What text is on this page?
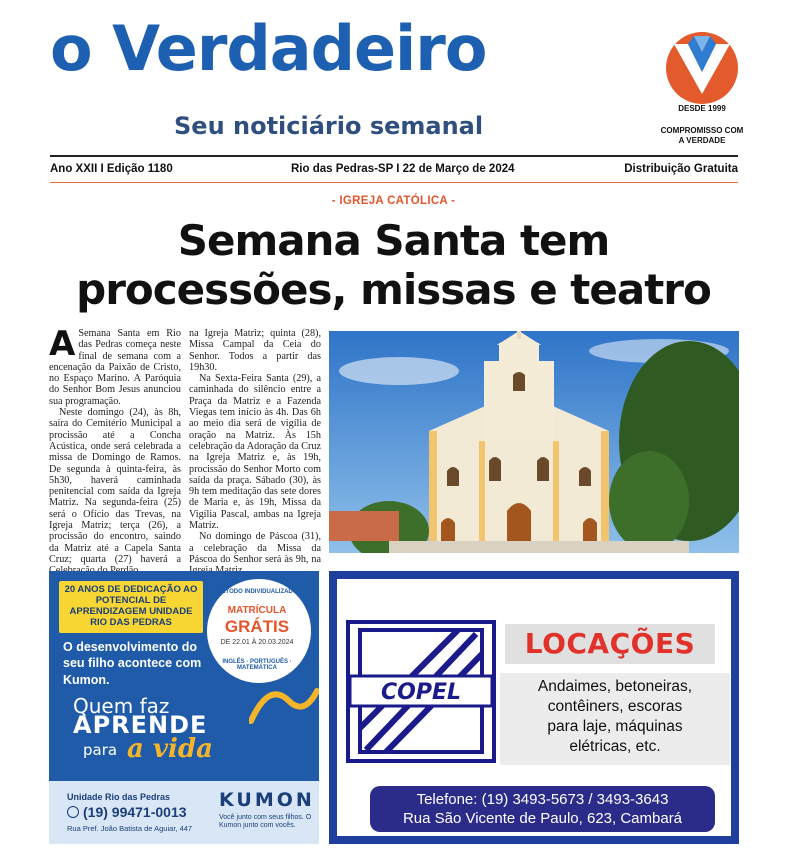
o Verdadeiro
Seu noticiário semanal
DESDE 1999
COMPROMISSO COM A VERDADE
Ano XXII I Edição 1180	Rio das Pedras-SP I 22 de Março de 2024	Distribuição Gratuita
- IGREJA CATÓLICA -
Semana Santa tem
processões, missas e teatro

A Semana Santa em Rio das Pedras começa neste final de semana com a encenação da Paixão de Cristo, no Espaço Marino. A Paróquia do Senhor Bom Jesus anunciou sua programação.

Neste domingo (24), às 8h, saíra do Cemitério Municipal a procissão até a Concha Acústica, onde será celebrada a missa de Domingo de Ramos. De segunda à quinta-feira, às 5h30, haverá caminhada penitencial com saída da Igreja Matriz. Na segunda-feira (25) será o Ofício das Trevas, na Igreja Matriz; terça (26), a procissão do encontro, saindo da Matriz até a Capela Santa Cruz; quarta (27) haverá a

na Igreja Matriz; quinta (28), Missa Campal da Ceia do Senhor. Todos a partir das 19h30.

Na Sexta-Feira Santa (29), a caminhada do silêncio entre a Praça da Matriz e a Fazenda Viegas tem início às 4h. Das 6h ao meio dia será de vigília de oração na Matriz. Às 15h celebração da Adoração da Cruz na Igreja Matriz e, às 19h, procissão do Senhor Morto com saída da praça. Sábado (30), às 9h tem meditação das sete dores de Maria e, às 19h, Missa da Vigília Pascal, ambas na Igreja Matriz.

No domingo de Páscoa (31), a celebração da Missa da Páscoa do Senhor será às 9h, na

20 ANOS DE DEDICAÇÃO AO POTENCIAL DE APRENDIZAGEM UNIDADE RIO DAS PEDRAS
MÉTODO INDIVIDUALIZADO
MATRÍCULA
GRÁTIS
DE 22.01 À 20.03.2024
INGLÊS · PORTUGUÊS · MATEMÁTICA
O desenvolvimento do seu filho acontece com Kumon.
Quem faz
APRENDE
para a vida
Unidade Rio das Pedras
(19) 99471-0013
Rua Pref. João Batista de Aguiar, 447
KUMON
Você junto com seus filhos. O Kumon junto com vocês.
COPEL
LOCAÇÕES
Andaimes, betoneiras,
contêiners, escoras
para laje, máquinas
elétricas, etc.
Telefone: (19) 3493-5673 / 3493-3643
Rua São Vicente de Paulo, 623, Cambará
